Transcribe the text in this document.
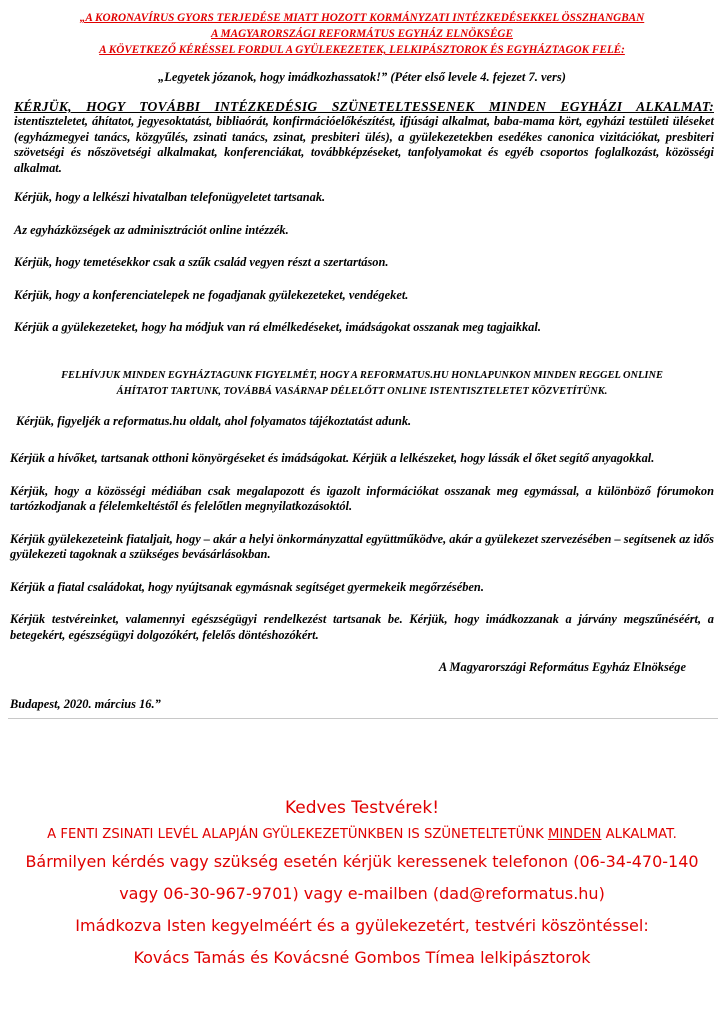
„A KORONAVÍRUS GYORS TERJEDÉSE MIATT HOZOTT KORMÁNYZATI INTÉZKEDÉSEKKEL ÖSSZHANGBAN
A MAGYARORSZÁGI REFORMÁTUS EGYHÁZ ELNÖKSÉGE
A KÖVETKEZŐ KÉRÉSSEL FORDUL A GYÜLEKEZETEK, LELKIPÁSZTOROK ÉS EGYHÁZTAGOK FELÉ:
„Legyetek józanok, hogy imádkozhassatok!” (Péter első levele 4. fejezet 7. vers)
KÉRJÜK, HOGY TOVÁBBI INTÉZKEDÉSIG SZÜNETELTESSENEK MINDEN EGYHÁZI ALKALMAT:
istentiszteletet, áhítatot, jegyesoktatást, bibliaórát, konfirmációelőkészítést, ifjúsági alkalmat, baba-mama kört, egyházi testületi üléseket (egyházmegyei tanács, közgyűlés, zsinati tanács, zsinat, presbiteri ülés), a gyülekezetekben esedékes canonica vizitációkat, presbiteri szövetségi és nőszövetségi alkalmakat, konferenciákat, továbbképzéseket, tanfolyamokat és egyéb csoportos foglalkozást, közösségi alkalmat.
Kérjük, hogy a lelkészi hivatalban telefonügyeletet tartsanak.
Az egyházközségek az adminisztrációt online intézzék.
Kérjük, hogy temetésekkor csak a szűk család vegyen részt a szertartáson.
Kérjük, hogy a konferenciatelepek ne fogadjanak gyülekezeteket, vendégeket.
Kérjük a gyülekezeteket, hogy ha módjuk van rá elmélkedéseket, imádságokat osszanak meg tagjaikkal.
FELHÍVJUK MINDEN EGYHÁZTAGUNK FIGYELMÉT, HOGY A REFORMATUS.HU HONLAPUNKON MINDEN REGGEL ONLINE
ÁHÍTATOT TARTUNK, TOVÁBBÁ VASÁRNAP DÉLELŐTT ONLINE ISTENTISZTELETET KÖZVETÍTÜNK.
Kérjük, figyeljék a reformatus.hu oldalt, ahol folyamatos tájékoztatást adunk.
Kérjük a hívőket, tartsanak otthoni könyörgéseket és imádságokat. Kérjük a lelkészeket, hogy lássák el őket segítő anyagokkal.
Kérjük, hogy a közösségi médiában csak megalapozott és igazolt információkat osszanak meg egymással, a különböző fórumokon tartózkodjanak a félelemkeltéstől és felelőtlen megnyilatkozásoktól.
Kérjük gyülekezeteink fiataljait, hogy – akár a helyi önkormányzattal együttműködve, akár a gyülekezet szervezésében – segítsenek az idős gyülekezeti tagoknak a szükséges bevásárlásokban.
Kérjük a fiatal családokat, hogy nyújtsanak egymásnak segítséget gyermekeik megőrzésében.
Kérjük testvéreinket, valamennyi egészségügyi rendelkezést tartsanak be. Kérjük, hogy imádkozzanak a járvány megszűnéséért, a betegekért, egészségügyi dolgozókért, felelős döntéshozókért.
A Magyarországi Református Egyház Elnöksége
Budapest, 2020. március 16.”
Kedves Testvérek!
A FENTI ZSINATI LEVÉL ALAPJÁN GYÜLEKEZETÜNKBEN IS SZÜNETELTETÜNK MINDEN ALKALMAT.
Bármilyen kérdés vagy szükség esetén kérjük keressenek telefonon (06-34-470-140
vagy 06-30-967-9701) vagy e-mailben (dad@reformatus.hu)
Imádkozva Isten kegyelméért és a gyülekezetért, testvéri köszöntéssel:
Kovács Tamás és Kovácsné Gombos Tímea lelkipásztorok
